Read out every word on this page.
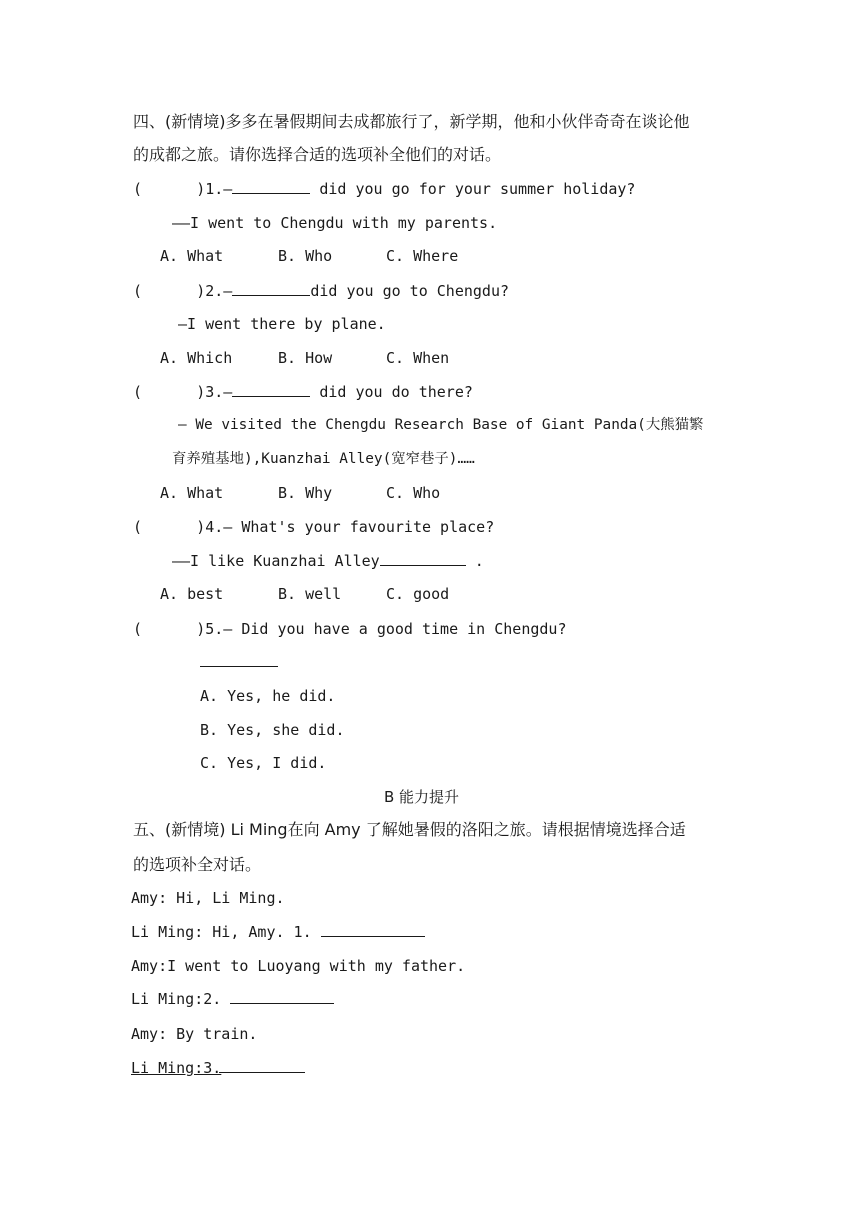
四、(新情境)多多在暑假期间去成都旅行了，新学期，他和小伙伴奇奇在谈论他
的成都之旅。请你选择合适的选项补全他们的对话。
(      )1.—	did you go for your summer holiday?
——I went to Chengdu with my parents.
A. What	B. Who	C. Where
(      )2.—	did you go to Chengdu?
—I went there by plane.
A. Which	B. How	C. When
(      )3.—	did you do there?
— We visited the Chengdu Research Base of Giant Panda(大熊猫繁
育养殖基地),Kuanzhai Alley(宽窄巷子)……
A. What	B. Why	C. Who
(      )4.— What's your favourite place?
——I like Kuanzhai Alley	.
A. best	B. well	C. good
(      )5.— Did you have a good time in Chengdu?
A. Yes, he did.
B. Yes, she did.
C. Yes, I did.
B 能力提升
五、(新情境) Li Ming在向 Amy 了解她暑假的洛阳之旅。请根据情境选择合适
的选项补全对话。
Amy: Hi, Li Ming.
Li Ming: Hi, Amy. 1.
Amy:I went to Luoyang with my father.
Li Ming:2.
Amy: By train.
Li Ming:3.
